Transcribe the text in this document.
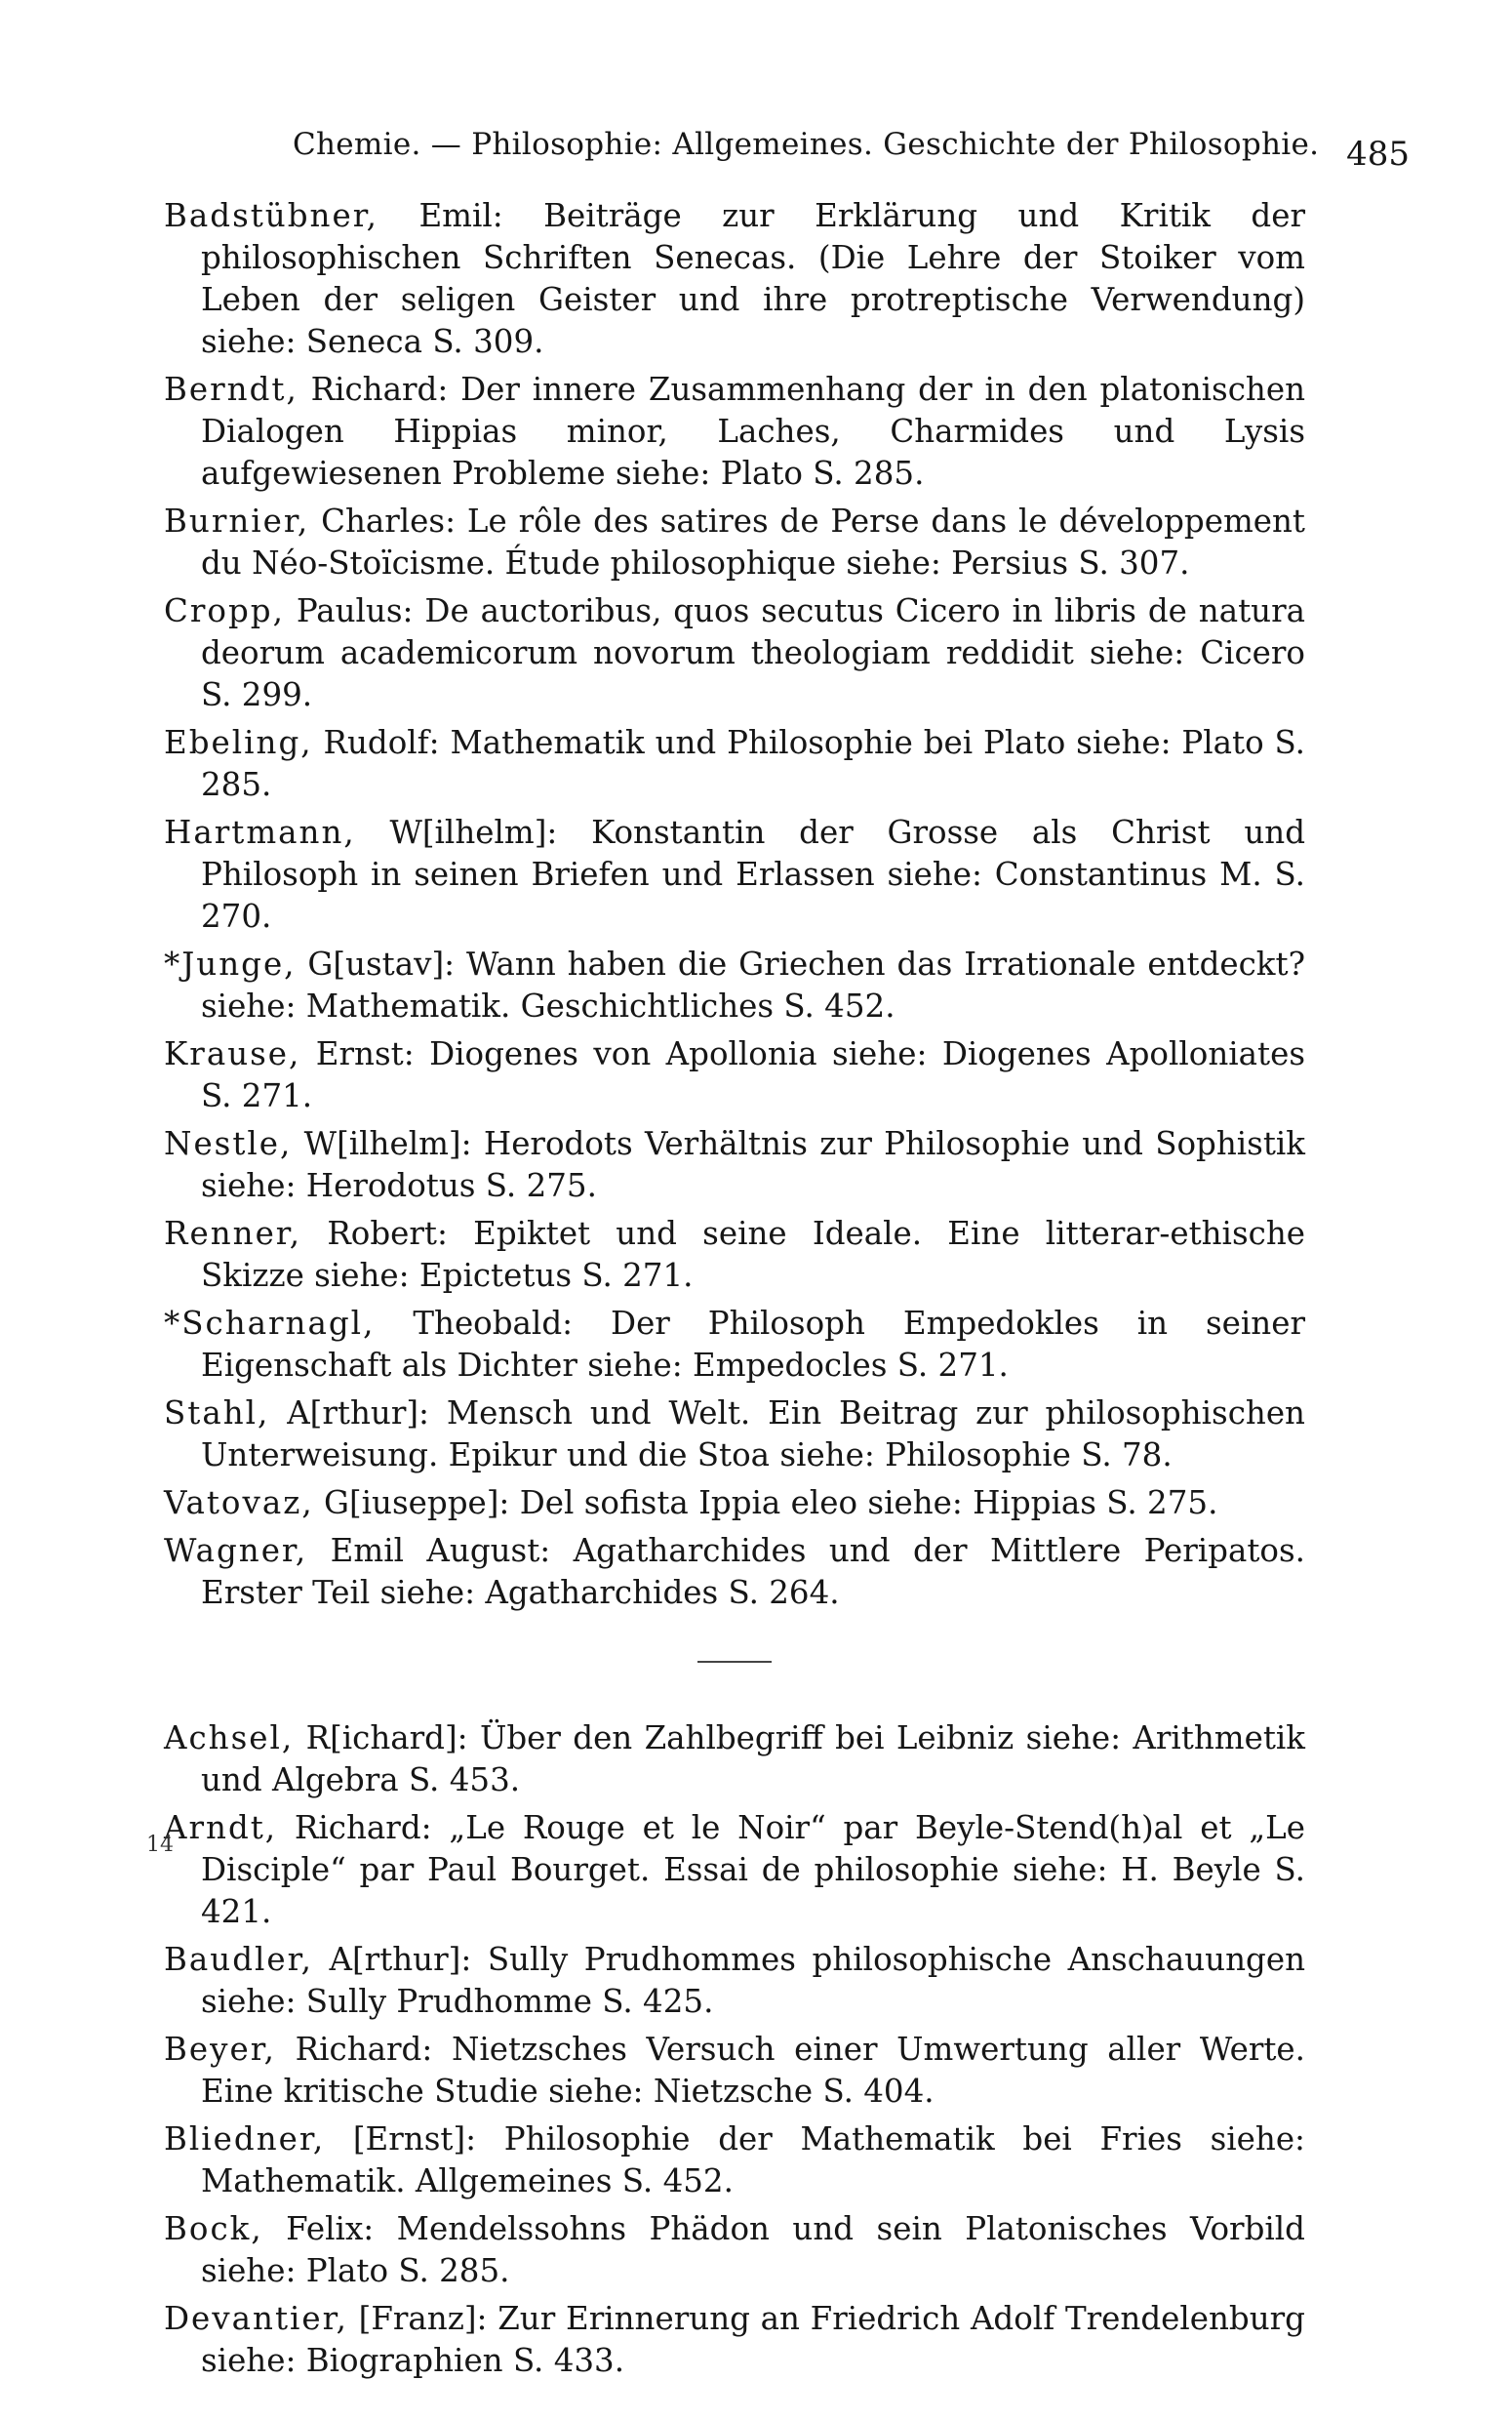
Chemie. — Philosophie: Allgemeines. Geschichte der Philosophie. 485

Badstübner, Emil: Beiträge zur Erklärung und Kritik der philosophischen Schriften Senecas. (Die Lehre der Stoiker vom Leben der seligen Geister und ihre protreptische Verwendung) siehe: Seneca S. 309.

Berndt, Richard: Der innere Zusammenhang der in den platonischen Dialogen Hippias minor, Laches, Charmides und Lysis aufgewiesenen Probleme siehe: Plato S. 285.

Burnier, Charles: Le rôle des satires de Perse dans le développement du Néo-Stoïcisme. Étude philosophique siehe: Persius S. 307.

Cropp, Paulus: De auctoribus, quos secutus Cicero in libris de natura deorum academicorum novorum theologiam reddidit siehe: Cicero S. 299.

Ebeling, Rudolf: Mathematik und Philosophie bei Plato siehe: Plato S. 285.

Hartmann, W[ilhelm]: Konstantin der Grosse als Christ und Philosoph in seinen Briefen und Erlassen siehe: Constantinus M. S. 270.

*Junge, G[ustav]: Wann haben die Griechen das Irrationale entdeckt? siehe: Mathematik. Geschichtliches S. 452.

Krause, Ernst: Diogenes von Apollonia siehe: Diogenes Apolloniates S. 271.

Nestle, W[ilhelm]: Herodots Verhältnis zur Philosophie und Sophistik siehe: Herodotus S. 275.

Renner, Robert: Epiktet und seine Ideale. Eine litterar-ethische Skizze siehe: Epictetus S. 271.

*Scharnagl, Theobald: Der Philosoph Empedokles in seiner Eigenschaft als Dichter siehe: Empedocles S. 271.

Stahl, A[rthur]: Mensch und Welt. Ein Beitrag zur philosophischen Unterweisung. Epikur und die Stoa siehe: Philosophie S. 78.

Vatovaz, G[iuseppe]: Del sofista Ippia eleo siehe: Hippias S. 275.

Wagner, Emil August: Agatharchides und der Mittlere Peripatos. Erster Teil siehe: Agatharchides S. 264.

Achsel, R[ichard]: Über den Zahlbegriff bei Leibniz siehe: Arithmetik und Algebra S. 453.

Arndt, Richard: „Le Rouge et le Noir“ par Beyle-Stend(h)al et „Le Disciple“ par Paul Bourget. Essai de philosophie siehe: H. Beyle S. 421.

Baudler, A[rthur]: Sully Prudhommes philosophische Anschauungen siehe: Sully Prudhomme S. 425.

Beyer, Richard: Nietzsches Versuch einer Umwertung aller Werte. Eine kritische Studie siehe: Nietzsche S. 404.

Bliedner, [Ernst]: Philosophie der Mathematik bei Fries siehe: Mathematik. Allgemeines S. 452.

Bock, Felix: Mendelssohns Phädon und sein Platonisches Vorbild siehe: Plato S. 285.

Devantier, [Franz]: Zur Erinnerung an Friedrich Adolf Trendelenburg siehe: Biographien S. 433.

14
